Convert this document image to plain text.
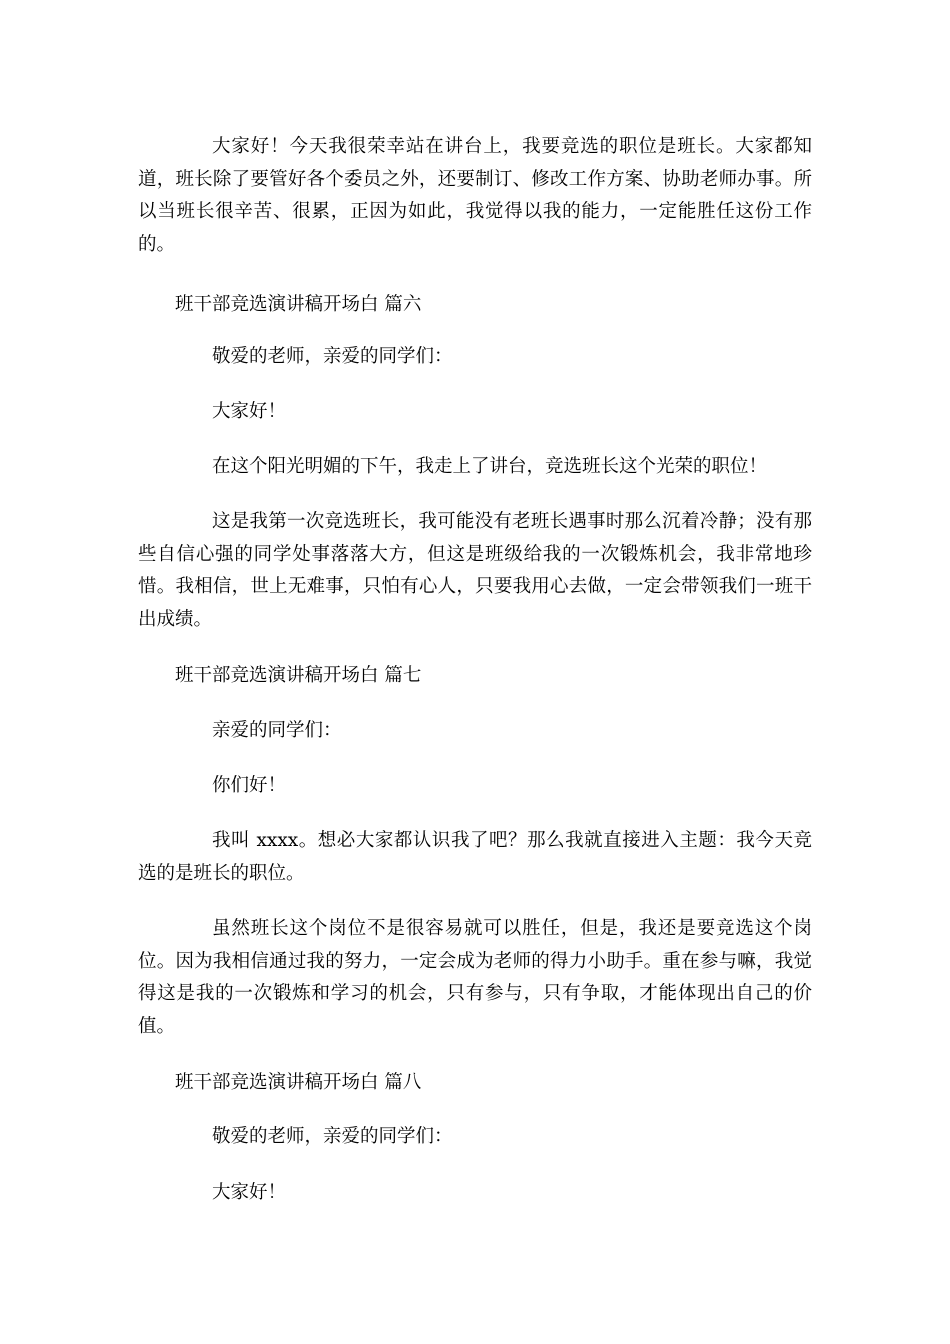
大家好！今天我很荣幸站在讲台上，我要竞选的职位是班长。大家都知道，班长除了要管好各个委员之外，还要制订、修改工作方案、协助老师办事。所以当班长很辛苦、很累，正因为如此，我觉得以我的能力，一定能胜任这份工作的。

班干部竞选演讲稿开场白 篇六

敬爱的老师，亲爱的同学们：

大家好！

在这个阳光明媚的下午，我走上了讲台，竞选班长这个光荣的职位！

这是我第一次竞选班长，我可能没有老班长遇事时那么沉着冷静；没有那些自信心强的同学处事落落大方，但这是班级给我的一次锻炼机会，我非常地珍惜。我相信，世上无难事，只怕有心人，只要我用心去做，一定会带领我们一班干出成绩。

班干部竞选演讲稿开场白 篇七

亲爱的同学们：

你们好！

我叫 xxxx。想必大家都认识我了吧？那么我就直接进入主题：我今天竞选的是班长的职位。

虽然班长这个岗位不是很容易就可以胜任，但是，我还是要竞选这个岗位。因为我相信通过我的努力，一定会成为老师的得力小助手。重在参与嘛，我觉得这是我的一次锻炼和学习的机会，只有参与，只有争取，才能体现出自己的价值。

班干部竞选演讲稿开场白 篇八

敬爱的老师，亲爱的同学们：

大家好！
